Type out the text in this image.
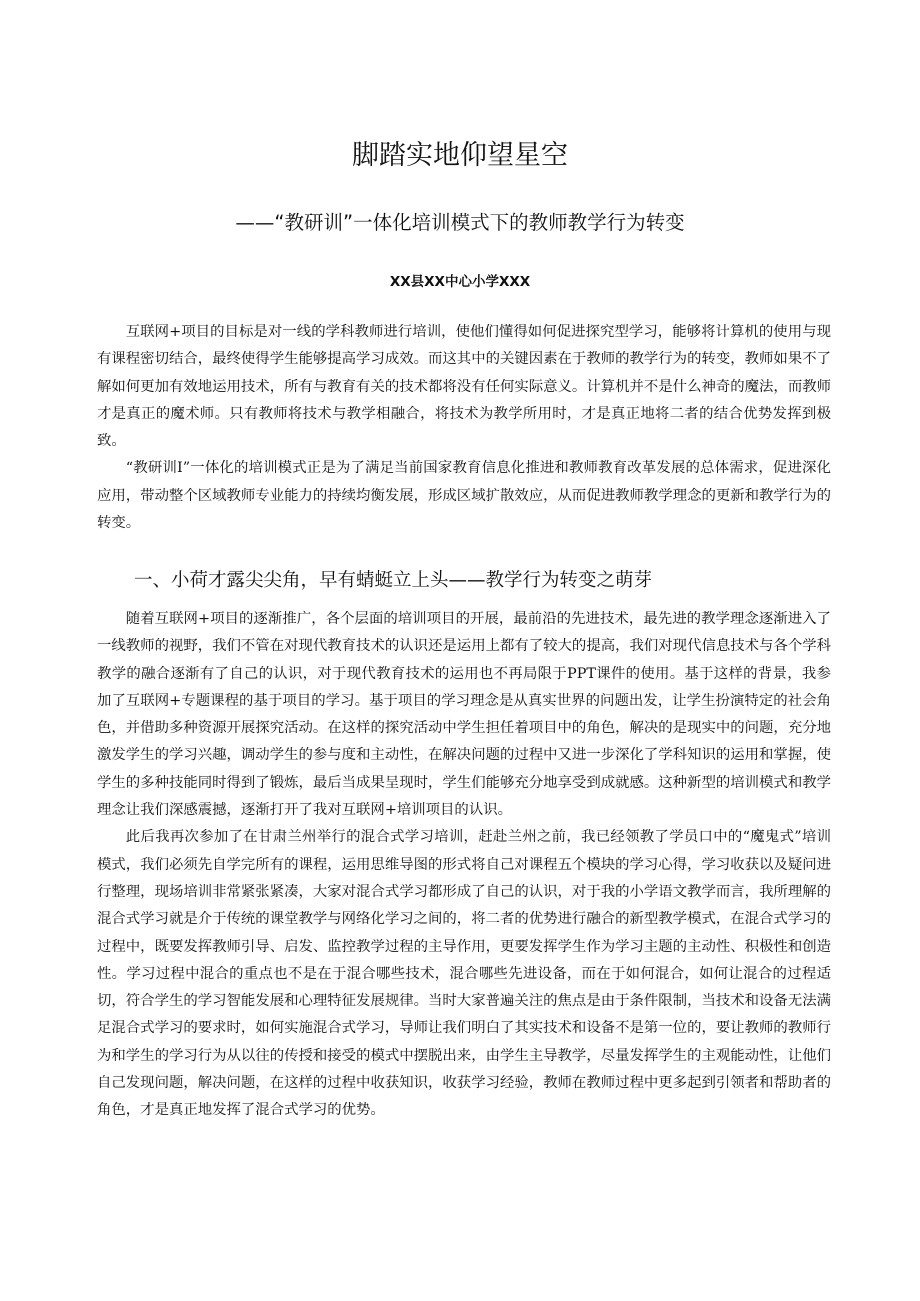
脚踏实地仰望星空
——“教研训”一体化培训模式下的教师教学行为转变
XX县XX中心小学XXX

互联网+项目的目标是对一线的学科教师进行培训，使他们懂得如何促进探究型学习，能够将计算机的使用与现有课程密切结合，最终使得学生能够提高学习成效。而这其中的关键因素在于教师的教学行为的转变，教师如果不了解如何更加有效地运用技术，所有与教育有关的技术都将没有任何实际意义。计算机并不是什么神奇的魔法，而教师才是真正的魔术师。只有教师将技术与教学相融合，将技术为教学所用时，才是真正地将二者的结合优势发挥到极致。

“教研训I”一体化的培训模式正是为了满足当前国家教育信息化推进和教师教育改革发展的总体需求，促进深化应用，带动整个区域教师专业能力的持续均衡发展，形成区域扩散效应，从而促进教师教学理念的更新和教学行为的转变。

一、小荷才露尖尖角，早有蜻蜓立上头——教学行为转变之萌芽

随着互联网+项目的逐渐推广，各个层面的培训项目的开展，最前沿的先进技术，最先进的教学理念逐渐进入了一线教师的视野，我们不管在对现代教育技术的认识还是运用上都有了较大的提高，我们对现代信息技术与各个学科教学的融合逐渐有了自己的认识，对于现代教育技术的运用也不再局限于PPT课件的使用。基于这样的背景，我参加了互联网+专题课程的基于项目的学习。基于项目的学习理念是从真实世界的问题出发，让学生扮演特定的社会角色，并借助多种资源开展探究活动。在这样的探究活动中学生担任着项目中的角色，解决的是现实中的问题，充分地激发学生的学习兴趣，调动学生的参与度和主动性，在解决问题的过程中又进一步深化了学科知识的运用和掌握，使学生的多种技能同时得到了锻炼，最后当成果呈现时，学生们能够充分地享受到成就感。这种新型的培训模式和教学理念让我们深感震撼，逐渐打开了我对互联网+培训项目的认识。

此后我再次参加了在甘肃兰州举行的混合式学习培训，赶赴兰州之前，我已经领教了学员口中的“魔鬼式”培训模式，我们必须先自学完所有的课程，运用思维导图的形式将自己对课程五个模块的学习心得，学习收获以及疑问进行整理，现场培训非常紧张紧凑，大家对混合式学习都形成了自己的认识，对于我的小学语文教学而言，我所理解的混合式学习就是介于传统的课堂教学与网络化学习之间的，将二者的优势进行融合的新型教学模式，在混合式学习的过程中，既要发挥教师引导、启发、监控教学过程的主导作用，更要发挥学生作为学习主题的主动性、积极性和创造性。学习过程中混合的重点也不是在于混合哪些技术，混合哪些先进设备，而在于如何混合，如何让混合的过程适切，符合学生的学习智能发展和心理特征发展规律。当时大家普遍关注的焦点是由于条件限制，当技术和设备无法满足混合式学习的要求时，如何实施混合式学习，导师让我们明白了其实技术和设备不是第一位的，要让教师的教师行为和学生的学习行为从以往的传授和接受的模式中摆脱出来，由学生主导教学，尽量发挥学生的主观能动性，让他们自己发现问题，解决问题，在这样的过程中收获知识，收获学习经验，教师在教师过程中更多起到引领者和帮助者的角色，才是真正地发挥了混合式学习的优势。
